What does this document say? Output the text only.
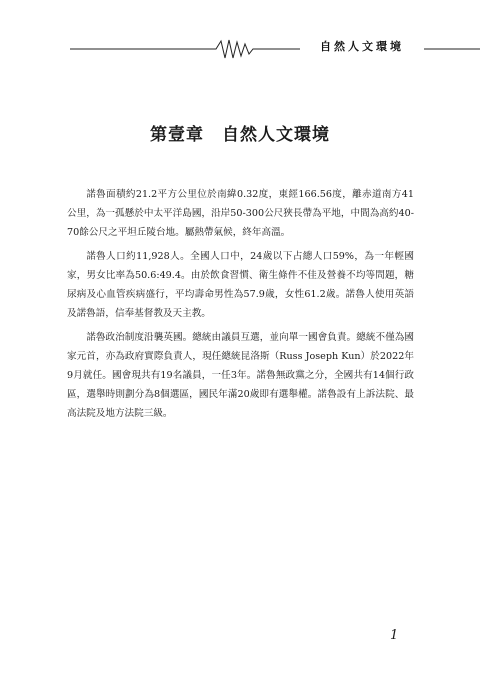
自然人文環境
第壹章　自然人文環境

諾魯面積約21.2平方公里位於南緯0.32度，東經166.56度，離赤道南方41公里，為一孤懸於中太平洋島國，沿岸50-300公尺狹長帶為平地，中間為高約40-70餘公尺之平坦丘陵台地。屬熱帶氣候，終年高溫。

諾魯人口約11,928人。全國人口中，24歲以下占總人口59%，為一年輕國家，男女比率為50.6:49.4。由於飲食習慣、衛生條件不佳及營養不均等問題，糖尿病及心血管疾病盛行，平均壽命男性為57.9歲，女性61.2歲。諾魯人使用英語及諾魯語，信奉基督教及天主教。

諾魯政治制度沿襲英國。總統由議員互選，並向單一國會負責。總統不僅為國家元首，亦為政府實際負責人，現任總統昆洛斯（Russ Joseph Kun）於2022年9月就任。國會現共有19名議員，一任3年。諾魯無政黨之分，全國共有14個行政區，選舉時則劃分為8個選區，國民年滿20歲即有選舉權。諾魯設有上訴法院、最高法院及地方法院三級。

1
